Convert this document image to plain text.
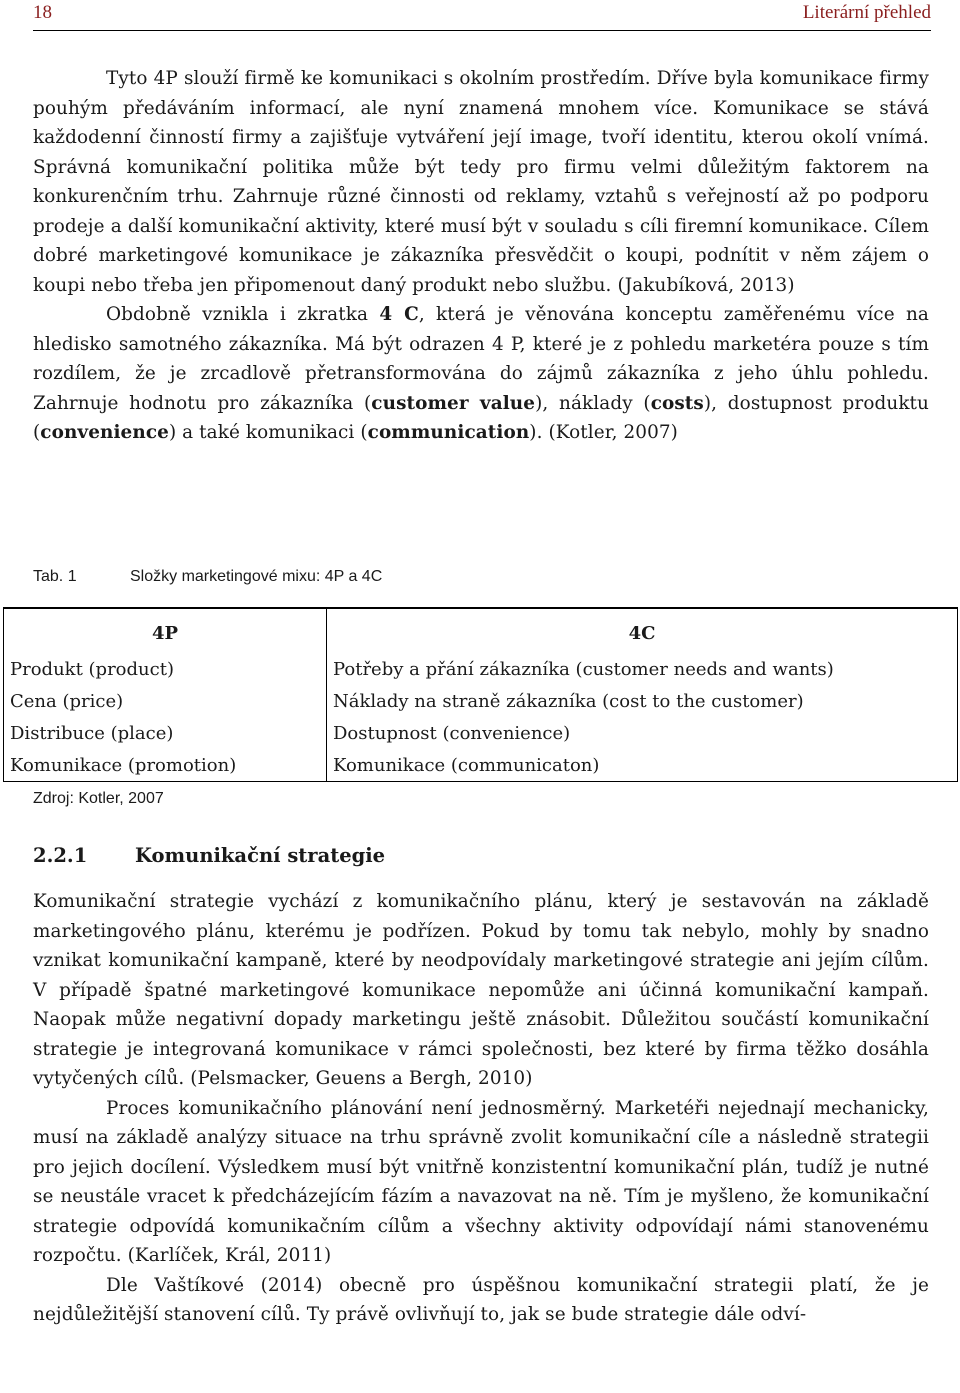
18	Literární přehled

Tyto 4P slouží firmě ke komunikaci s okolním prostředím. Dříve byla komunikace firmy pouhým předáváním informací, ale nyní znamená mnohem více. Komunikace se stává každodenní činností firmy a zajišťuje vytváření její image, tvoří identitu, kterou okolí vnímá. Správná komunikační politika může být tedy pro firmu velmi důležitým faktorem na konkurenčním trhu. Zahrnuje různé činnosti od reklamy, vztahů s veřejností až po podporu prodeje a další komunikační aktivity, které musí být v souladu s cíli firemní komunikace. Cílem dobré marketingové komunikace je zákazníka přesvědčit o koupi, podnítit v něm zájem o koupi nebo třeba jen připomenout daný produkt nebo službu. (Jakubíková, 2013)

Obdobně vznikla i zkratka 4 C, která je věnována konceptu zaměřenému více na hledisko samotného zákazníka. Má být odrazen 4 P, které je z pohledu marketéra pouze s tím rozdílem, že je zrcadlově přetransformována do zájmů zákazníka z jeho úhlu pohledu. Zahrnuje hodnotu pro zákazníka (customer value), náklady (costs), dostupnost produktu (convenience) a také komunikaci (communication). (Kotler, 2007)

Tab. 1	Složky marketingové mixu: 4P a 4C
4P	4C
Produkt (product)	Potřeby a přání zákazníka (customer needs and wants)
Cena (price)	Náklady na straně zákazníka (cost to the customer)
Distribuce (place)	Dostupnost (convenience)
Komunikace (promotion)	Komunikace (communicaton)
Zdroj: Kotler, 2007
2.2.1 Komunikační strategie

Komunikační strategie vychází z komunikačního plánu, který je sestavován na základě marketingového plánu, kterému je podřízen. Pokud by tomu tak nebylo, mohly by snadno vznikat komunikační kampaně, které by neodpovídaly marketingové strategie ani jejím cílům. V případě špatné marketingové komunikace nepomůže ani účinná komunikační kampaň. Naopak může negativní dopady marketingu ještě znásobit. Důležitou součástí komunikační strategie je integrovaná komunikace v rámci společnosti, bez které by firma těžko dosáhla vytyčených cílů. (Pelsmacker, Geuens a Bergh, 2010)

Proces komunikačního plánování není jednosměrný. Marketéři nejednají mechanicky, musí na základě analýzy situace na trhu správně zvolit komunikační cíle a následně strategii pro jejich docílení. Výsledkem musí být vnitřně konzistentní komunikační plán, tudíž je nutné se neustále vracet k předcházejícím fázím a navazovat na ně. Tím je myšleno, že komunikační strategie odpovídá komunikačním cílům a všechny aktivity odpovídají námi stanovenému rozpočtu. (Karlíček, Král, 2011)

Dle Vaštíkové (2014) obecně pro úspěšnou komunikační strategii platí, že je nejdůležitější stanovení cílů. Ty právě ovlivňují to, jak se bude strategie dále odví-
